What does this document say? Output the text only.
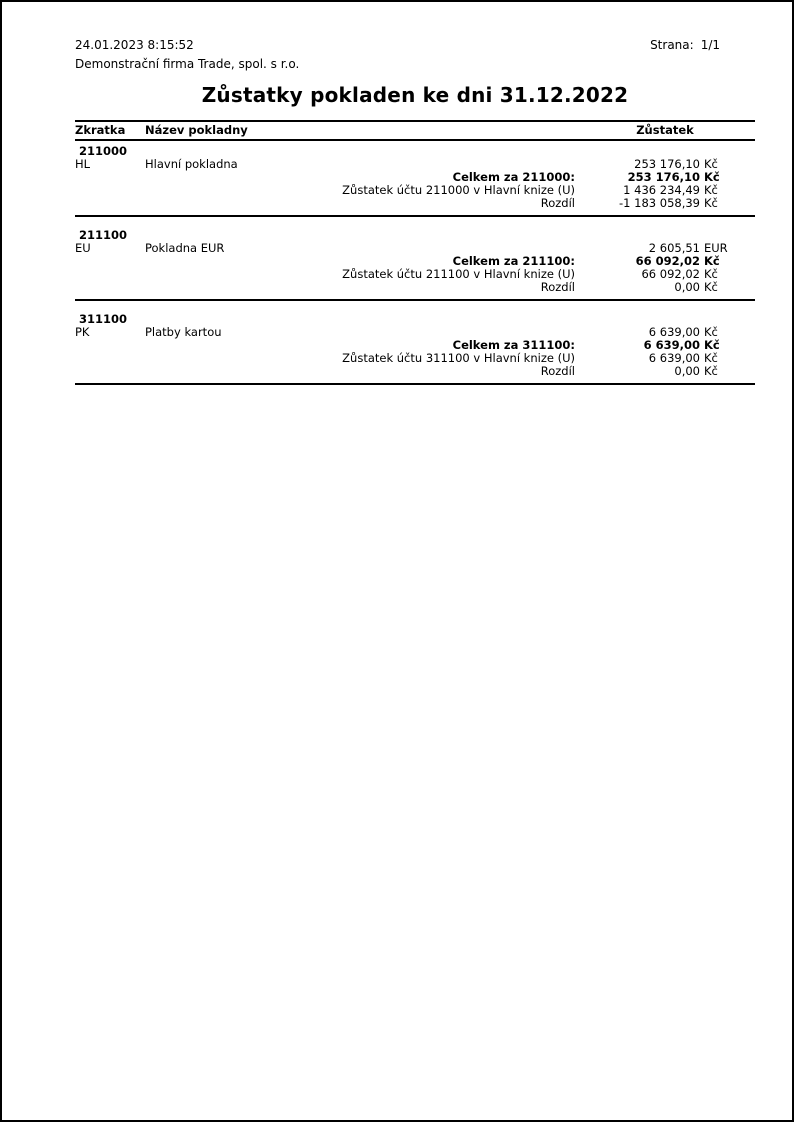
24.01.2023 8:15:52
Demonstrační firma Trade, spol. s r.o.
Strana: 1/1
Zůstatky pokladen ke dni 31.12.2022
Zkratka	Název pokladny	Zůstatek
211000
HL	Hlavní pokladna	253 176,10 Kč
Celkem za 211000:	253 176,10 Kč
Zůstatek účtu 211000 v Hlavní knize (U)	1 436 234,49 Kč
Rozdíl	-1 183 058,39 Kč
211100
EU	Pokladna EUR	2 605,51 EUR
Celkem za 211100:	66 092,02 Kč
Zůstatek účtu 211100 v Hlavní knize (U)	66 092,02 Kč
Rozdíl	0,00 Kč
311100
PK	Platby kartou	6 639,00 Kč
Celkem za 311100:	6 639,00 Kč
Zůstatek účtu 311100 v Hlavní knize (U)	6 639,00 Kč
Rozdíl	0,00 Kč
